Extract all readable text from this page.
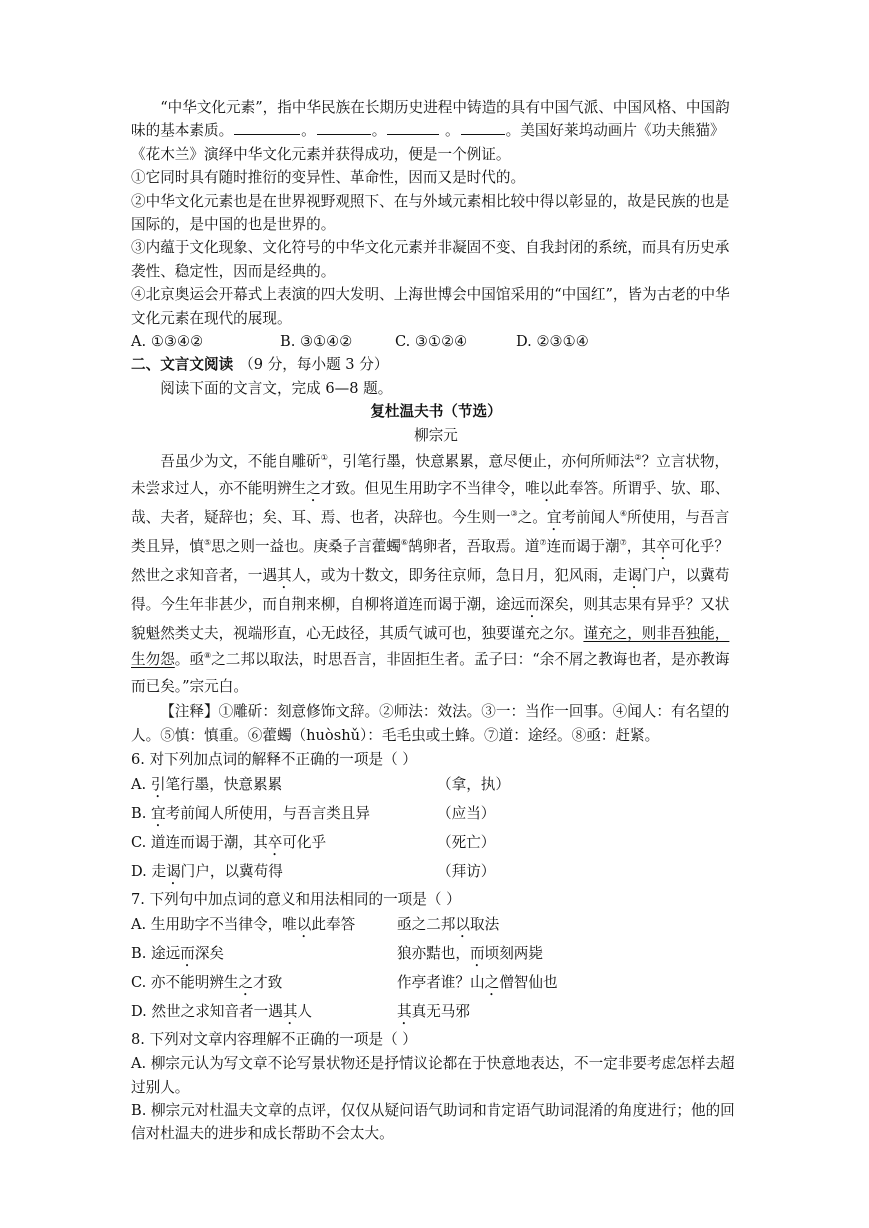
“中华文化元素”，指中华民族在长期历史进程中铸造的具有中国气派、中国风格、中国韵味的基本素质。	。	。	。	。美国好莱坞动画片《功夫熊猫》《花木兰》演绎中华文化元素并获得成功，便是一个例证。

①它同时具有随时推衍的变异性、革命性，因而又是时代的。

②中华文化元素也是在世界视野观照下、在与外域元素相比较中得以彰显的，故是民族的也是国际的，是中国的也是世界的。

③内蕴于文化现象、文化符号的中华文化元素并非凝固不变、自我封闭的系统，而具有历史承袭性、稳定性，因而是经典的。

④北京奥运会开幕式上表演的四大发明、上海世博会中国馆采用的“中国红”，皆为古老的中华文化元素在现代的展现。

A. ①③④②	B. ③①④②	C. ③①②④	D. ②③①④

二、文言文阅读 （9 分，每小题 3 分）

阅读下面的文言文，完成 6—8 题。

复杜温夫书（节选）

柳宗元

吾虽少为文，不能自雕斫①，引笔行墨，快意累累，意尽便止，亦何所师法②？立言状物，未尝求过人，亦不能明辨生之才致。但见生用助字不当律令，唯以此奉答。所谓乎、欤、耶、哉、夫者，疑辞也；矣、耳、焉、也者，决辞也。今生则一③之。宜考前闻人④所使用，与吾言类且异，慎⑤思之则一益也。庚桑子言藿蠋⑥鹄卵者，吾取焉。道⑦连而谒于潮⑦，其卒可化乎？然世之求知音者，一遇其人，或为十数文，即务往京师，急日月，犯风雨，走谒门户，以冀苟得。今生年非甚少，而自荆来柳，自柳将道连而谒于潮，途远而深矣，则其志果有异乎？又状貌魁然类丈夫，视端形直，心无歧径，其质气诚可也，独要谨充之尔。谨充之，则非吾独能，生勿怨。亟⑧之二邦以取法，时思吾言，非固拒生者。孟子曰：“余不屑之教诲也者，是亦教诲而已矣。”宗元白。

【注释】①雕斫：刻意修饰文辞。②师法：效法。③一：当作一回事。④闻人：有名望的人。⑤慎：慎重。⑥藿蠋（huòshǔ）：毛毛虫或土蜂。⑦道：途经。⑧亟：赶紧。

6. 对下列加点词的解释不正确的一项是（ ）

A. 引笔行墨，快意累累	（拿，执）
B. 宜考前闻人所使用，与吾言类且异	（应当）
C. 道连而谒于潮，其卒可化乎	（死亡）
D. 走谒门户，以冀苟得	（拜访）

7. 下列句中加点词的意义和用法相同的一项是（ ）

A. 生用助字不当律令，唯以此奉答	亟之二邦以取法
B. 途远而深矣	狼亦黠也，而顷刻两毙
C. 亦不能明辨生之才致	作亭者谁？山之僧智仙也
D. 然世之求知音者一遇其人	其真无马邪

8. 下列对文章内容理解不正确的一项是（ ）

A. 柳宗元认为写文章不论写景状物还是抒情议论都在于快意地表达，不一定非要考虑怎样去超过别人。

B. 柳宗元对杜温夫文章的点评，仅仅从疑问语气助词和肯定语气助词混淆的角度进行；他的回信对杜温夫的进步和成长帮助不会太大。
